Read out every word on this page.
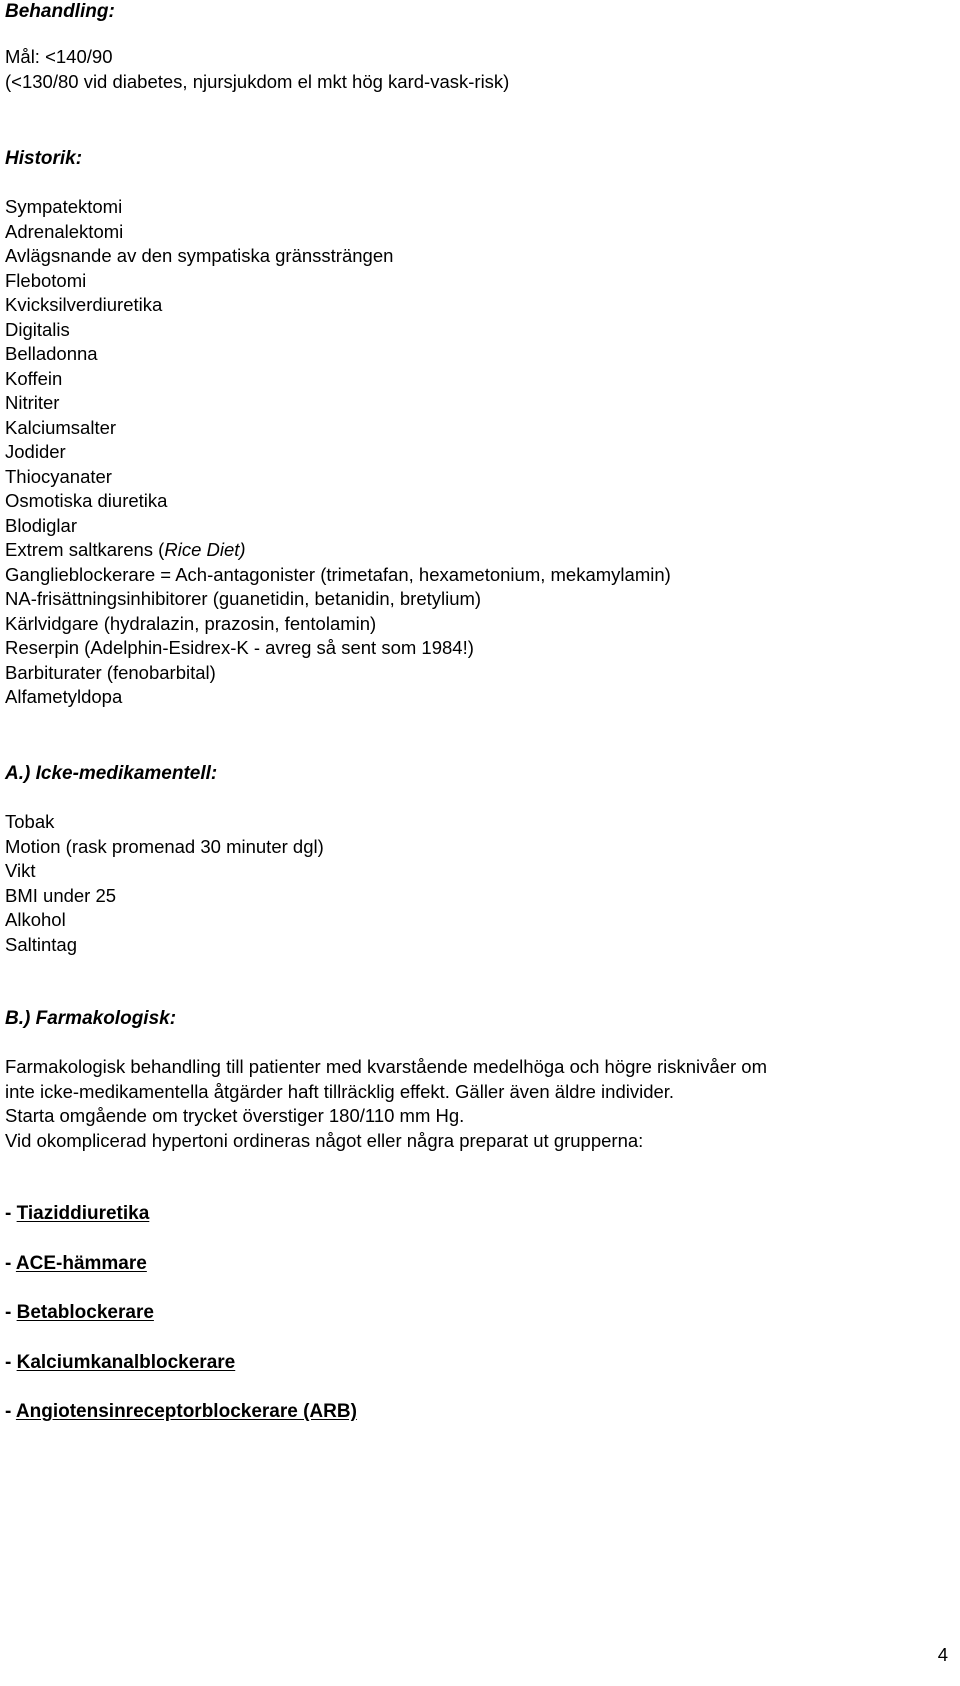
Behandling:

Mål: <140/90

(<130/80 vid diabetes, njursjukdom el mkt hög kard-vask-risk)

Historik:

Sympatektomi

Adrenalektomi

Avlägsnande av den sympatiska gränssträngen

Flebotomi

Kvicksilverdiuretika

Digitalis

Belladonna

Koffein

Nitriter

Kalciumsalter

Jodider

Thiocyanater

Osmotiska diuretika

Blodiglar

Extrem saltkarens (Rice Diet)

Ganglieblockerare = Ach-antagonister (trimetafan, hexametonium, mekamylamin)

NA-frisättningsinhibitorer (guanetidin, betanidin, bretylium)

Kärlvidgare (hydralazin, prazosin, fentolamin)

Reserpin (Adelphin-Esidrex-K - avreg så sent som 1984!)

Barbiturater (fenobarbital)

Alfametyldopa

A.) Icke-medikamentell:

Tobak

Motion (rask promenad 30 minuter dgl)

Vikt

BMI under 25

Alkohol

Saltintag

B.) Farmakologisk:

Farmakologisk behandling till patienter med kvarstående medelhöga och högre risknivåer om

inte icke-medikamentella åtgärder haft tillräcklig effekt. Gäller även äldre individer.

Starta omgående om trycket överstiger 180/110 mm Hg.

Vid okomplicerad hypertoni ordineras något eller några preparat ut grupperna:

- Tiaziddiuretika

- ACE-hämmare

- Betablockerare

- Kalciumkanalblockerare

- Angiotensinreceptorblockerare (ARB)

4
